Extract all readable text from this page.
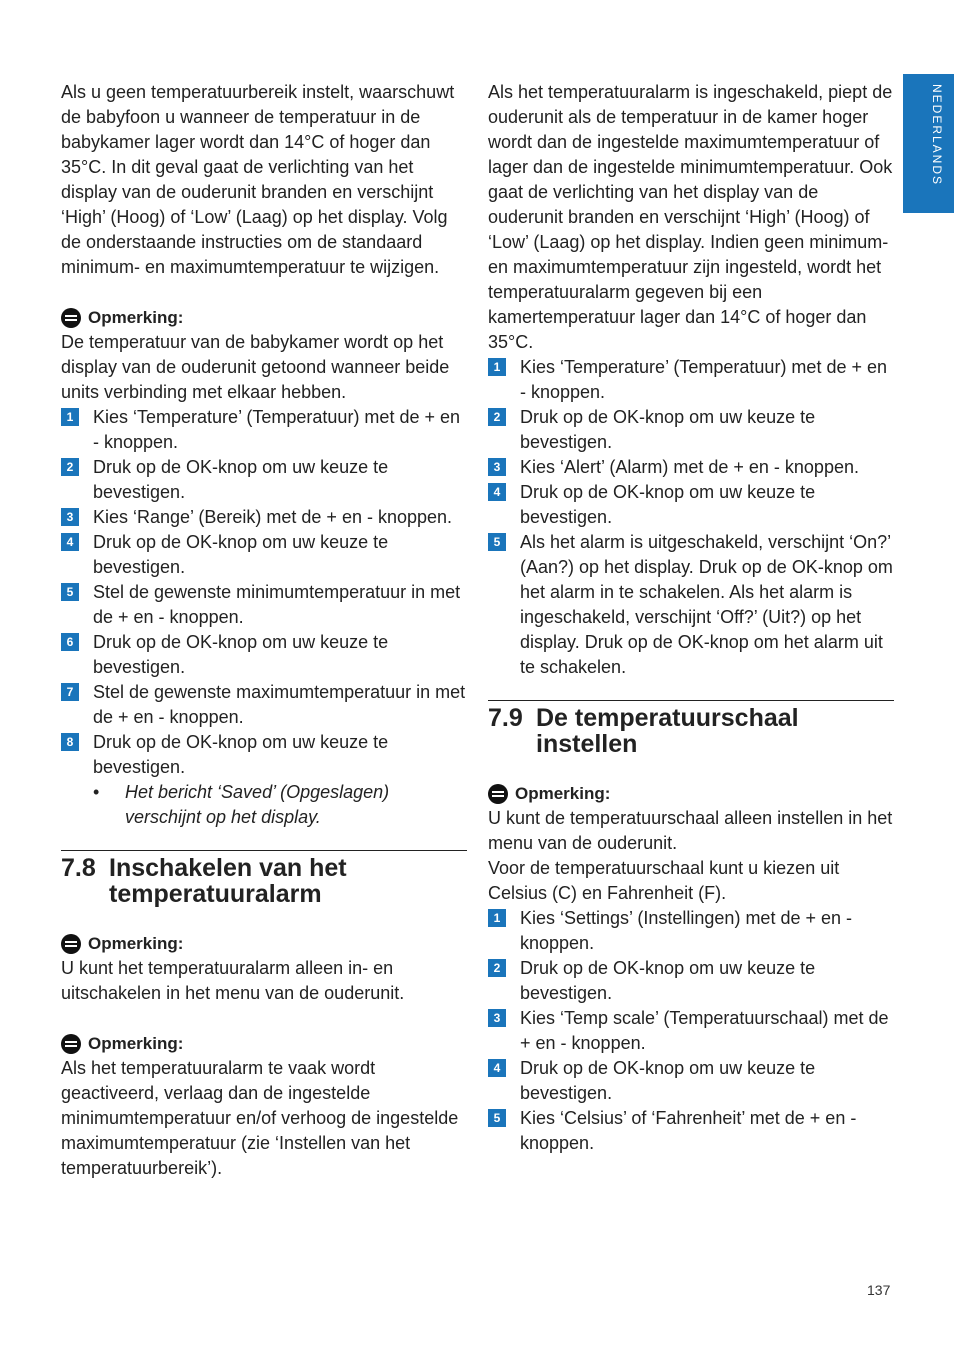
NEDERLANDS

Als u geen temperatuurbereik instelt, waarschuwt de babyfoon u wanneer de temperatuur in de babykamer lager wordt dan 14°C of hoger dan 35°C. In dit geval gaat de verlichting van het display van de ouderunit branden en verschijnt ‘High’ (Hoog) of ‘Low’ (Laag) op het display. Volg de onderstaande instructies om de standaard minimum- en maximumtemperatuur te wijzigen.

Opmerking:

De temperatuur van de babykamer wordt op het display van de ouderunit getoond wanneer beide units verbinding met elkaar hebben.

1	Kies ‘Temperature’ (Temperatuur) met de + en - knoppen.
2	Druk op de OK-knop om uw keuze te bevestigen.
3	Kies ‘Range’ (Bereik) met de + en - knoppen.
4	Druk op de OK-knop om uw keuze te bevestigen.
5	Stel de gewenste minimumtemperatuur in met de + en - knoppen.
6	Druk op de OK-knop om uw keuze te bevestigen.
7	Stel de gewenste maximumtemperatuur in met de + en - knoppen.
8	Druk op de OK-knop om uw keuze te bevestigen.
• Het bericht ‘Saved’ (Opgeslagen) verschijnt op het display.
7.8 Inschakelen van het temperatuuralarm
Opmerking:

U kunt het temperatuuralarm alleen in- en uitschakelen in het menu van de ouderunit.

Opmerking:

Als het temperatuuralarm te vaak wordt geactiveerd, verlaag dan de ingestelde minimumtemperatuur en/of verhoog de ingestelde maximumtemperatuur (zie ‘Instellen van het temperatuurbereik’).

Als het temperatuuralarm is ingeschakeld, piept de ouderunit als de temperatuur in de kamer hoger wordt dan de ingestelde maximumtemperatuur of lager dan de ingestelde minimumtemperatuur. Ook gaat de verlichting van het display van de ouderunit branden en verschijnt ‘High’ (Hoog) of ‘Low’ (Laag) op het display. Indien geen minimum- en maximumtemperatuur zijn ingesteld, wordt het temperatuuralarm gegeven bij een kamertemperatuur lager dan 14°C of hoger dan 35°C.

1	Kies ‘Temperature’ (Temperatuur) met de + en - knoppen.
2	Druk op de OK-knop om uw keuze te bevestigen.
3	Kies ‘Alert’ (Alarm) met de + en - knoppen.
4	Druk op de OK-knop om uw keuze te bevestigen.
5	Als het alarm is uitgeschakeld, verschijnt ‘On?’ (Aan?) op het display. Druk op de OK-knop om het alarm in te schakelen. Als het alarm is ingeschakeld, verschijnt ‘Off?’ (Uit?) op het display. Druk op de OK-knop om het alarm uit te schakelen.
7.9 De temperatuurschaal instellen
Opmerking:

U kunt de temperatuurschaal alleen instellen in het menu van de ouderunit.

Voor de temperatuurschaal kunt u kiezen uit Celsius (C) en Fahrenheit (F).

1	Kies ‘Settings’ (Instellingen) met de + en - knoppen.
2	Druk op de OK-knop om uw keuze te bevestigen.
3	Kies ‘Temp scale’ (Temperatuurschaal) met de + en - knoppen.
4	Druk op de OK-knop om uw keuze te bevestigen.
5	Kies ‘Celsius’ of ‘Fahrenheit’ met de + en - knoppen.
137
